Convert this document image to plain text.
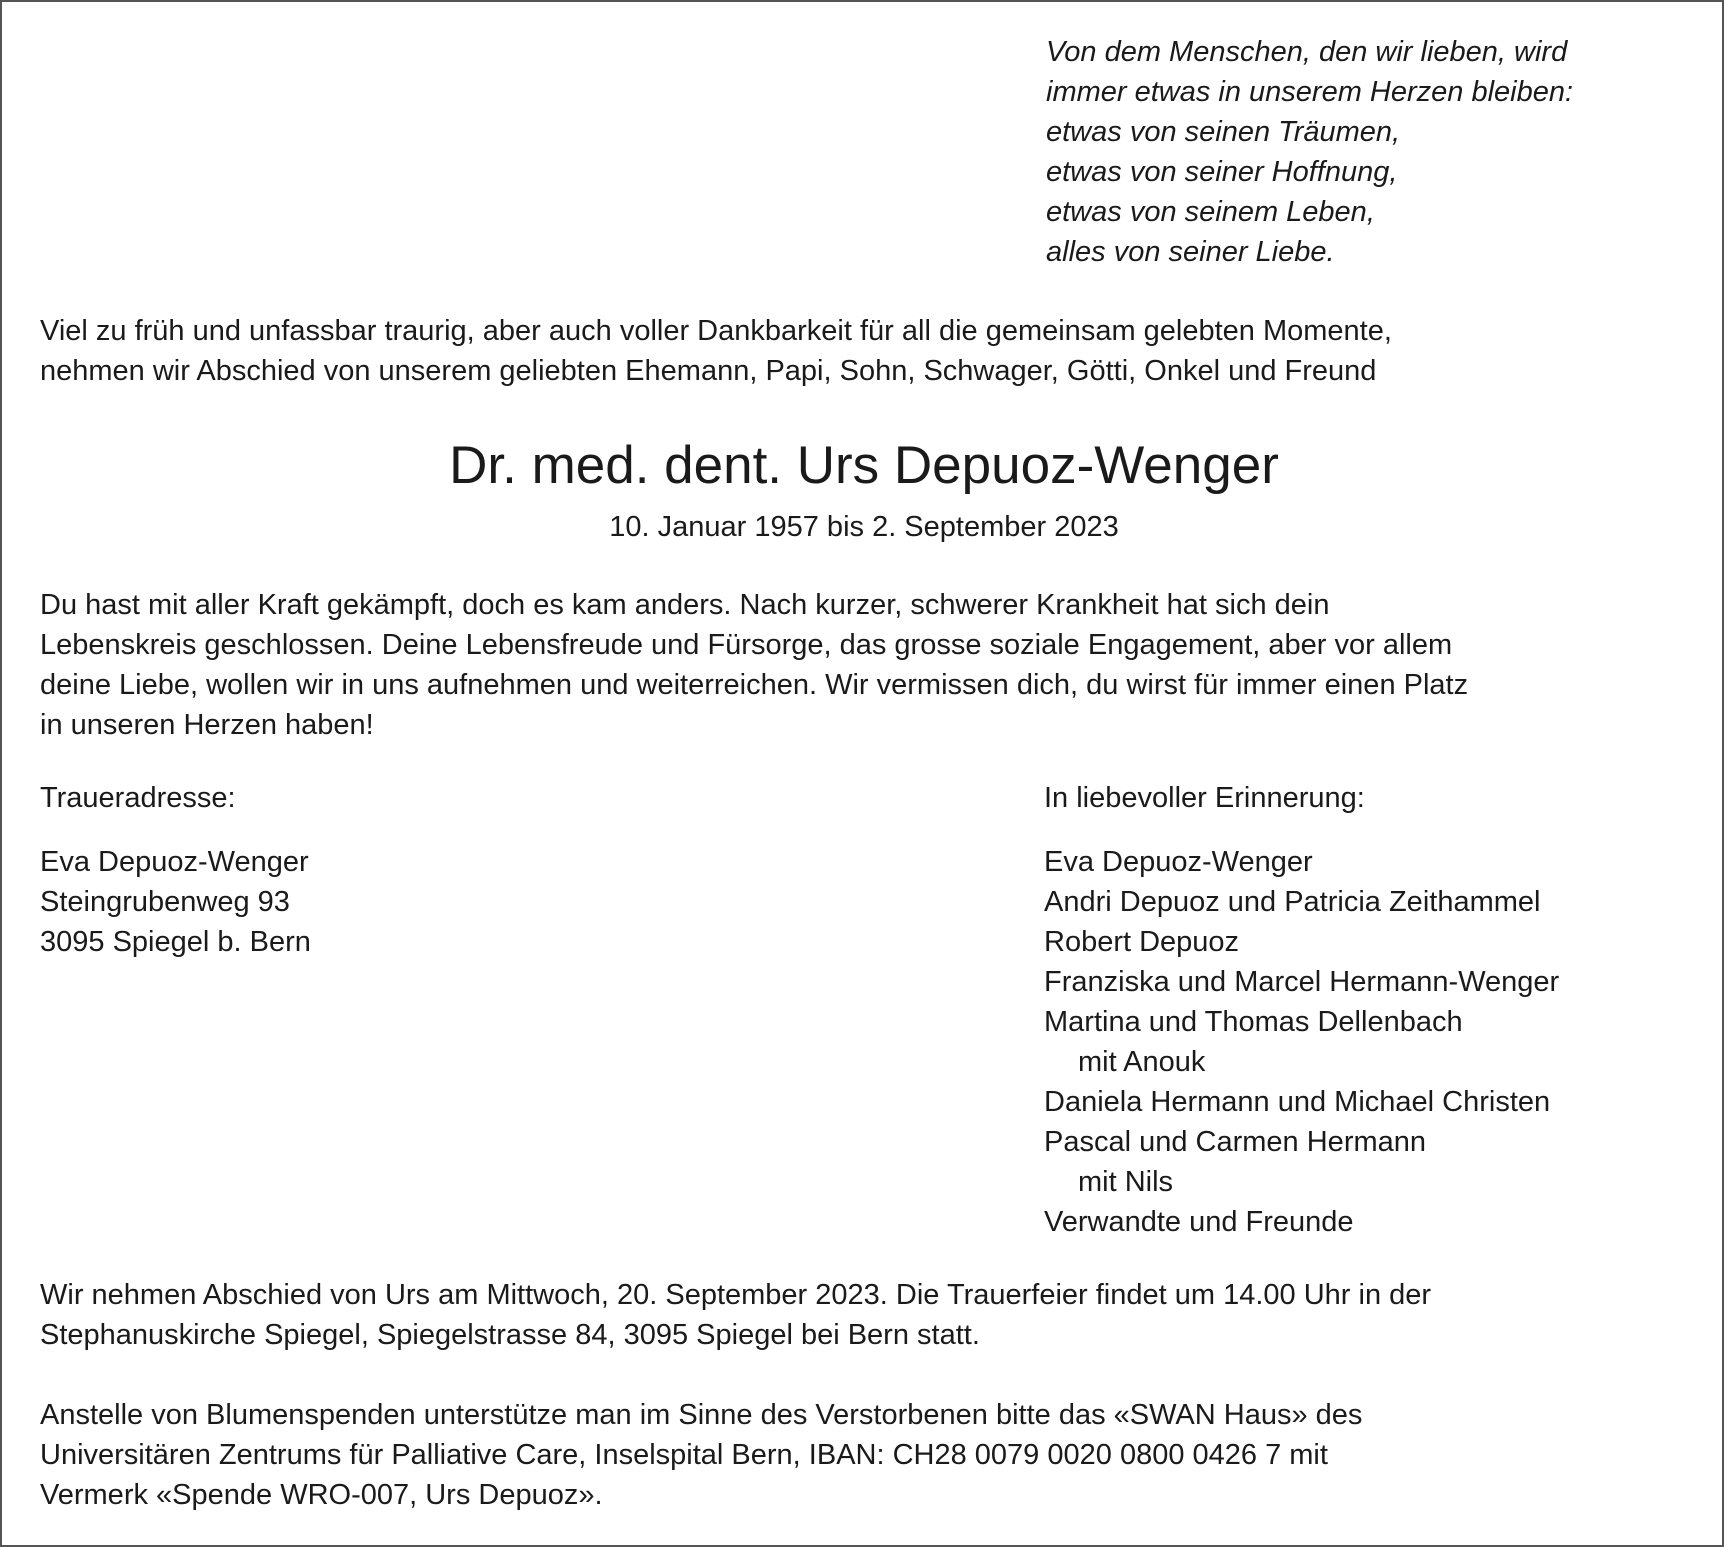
Von dem Menschen, den wir lieben, wird
immer etwas in unserem Herzen bleiben:
etwas von seinen Träumen,
etwas von seiner Hoffnung,
etwas von seinem Leben,
alles von seiner Liebe.
Viel zu früh und unfassbar traurig, aber auch voller Dankbarkeit für all die gemeinsam gelebten Momente,
nehmen wir Abschied von unserem geliebten Ehemann, Papi, Sohn, Schwager, Götti, Onkel und Freund
Dr. med. dent. Urs Depuoz-Wenger

10. Januar 1957 bis 2. September 2023

Du hast mit aller Kraft gekämpft, doch es kam anders. Nach kurzer, schwerer Krankheit hat sich dein
Lebenskreis geschlossen. Deine Lebensfreude und Fürsorge, das grosse soziale Engagement, aber vor allem
deine Liebe, wollen wir in uns aufnehmen und weiterreichen. Wir vermissen dich, du wirst für immer einen Platz
in unseren Herzen haben!
Traueradresse:
Eva Depuoz-Wenger
Steingrubenweg 93
3095 Spiegel b. Bern
In liebevoller Erinnerung:
Eva Depuoz-Wenger
Andri Depuoz und Patricia Zeithammel
Robert Depuoz
Franziska und Marcel Hermann-Wenger
Martina und Thomas Dellenbach
mit Anouk
Daniela Hermann und Michael Christen
Pascal und Carmen Hermann
mit Nils
Verwandte und Freunde
Wir nehmen Abschied von Urs am Mittwoch, 20. September 2023. Die Trauerfeier findet um 14.00 Uhr in der
Stephanuskirche Spiegel, Spiegelstrasse 84, 3095 Spiegel bei Bern statt.
Anstelle von Blumenspenden unterstütze man im Sinne des Verstorbenen bitte das «SWAN Haus» des
Universitären Zentrums für Palliative Care, Inselspital Bern, IBAN: CH28 0079 0020 0800 0426 7 mit
Vermerk «Spende WRO-007, Urs Depuoz».
